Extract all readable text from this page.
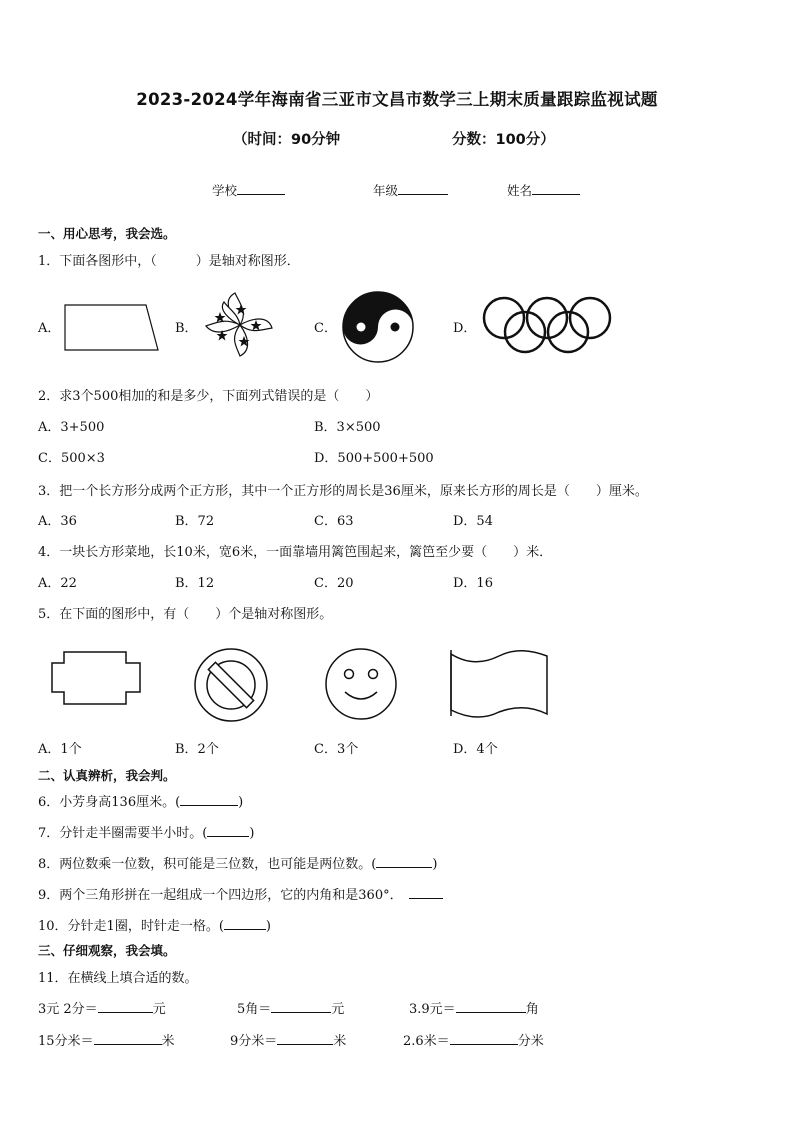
2023-2024学年海南省三亚市文昌市数学三上期末质量跟踪监视试题
（时间：90分钟	分数：100分）
学校	年级	姓名
一、用心思考，我会选。
1．下面各图形中，（　　　）是轴对称图形．
A．	B．	C．	D．
2．求3个500相加的和是多少，下面列式错误的是（　　）
A．3+500	B．3×500
C．500×3	D．500+500+500
3．把一个长方形分成两个正方形，其中一个正方形的周长是36厘米，原来长方形的周长是（　　）厘米。
A．36	B．72	C．63	D．54
4．一块长方形菜地，长10米，宽6米，一面靠墙用篱笆围起来，篱笆至少要（　　）米．
A．22	B．12	C．20	D．16
5．在下面的图形中，有（　　）个是轴对称图形。
A．1个	B．2个	C．3个	D．4个
二、认真辨析，我会判。
6．小芳身高136厘米。(	)
7．分针走半圈需要半小时。(	)
8．两位数乘一位数，积可能是三位数，也可能是两位数。(	)
9．两个三角形拼在一起组成一个四边形，它的内角和是360°．
10．分针走1圈，时针走一格。(	)
三、仔细观察，我会填。
11．在横线上填合适的数。
3元 2分＝	元	5角＝	元	3.9元＝	角
15分米＝	米	9分米＝	米	2.6米＝	分米
